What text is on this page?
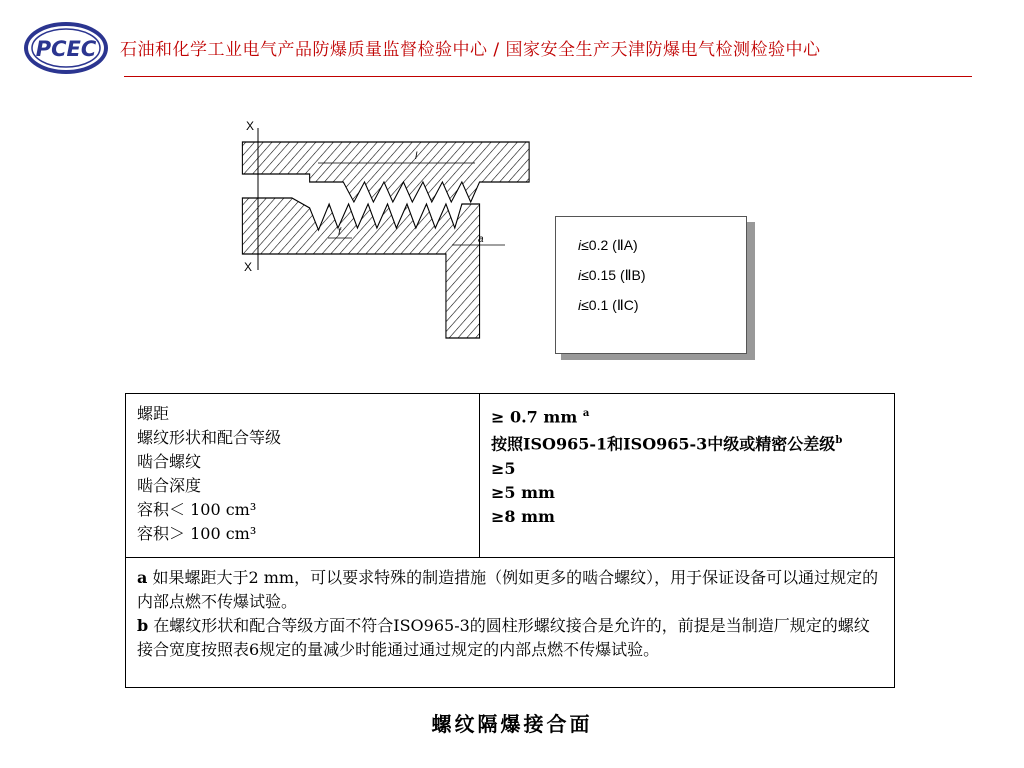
PCEC 石油和化学工业电气产品防爆质量监督检验中心 / 国家安全生产天津防爆电气检测检验中心
X
X
l
f
a	i≤0.2 (ⅡA)
i≤0.15 (ⅡB)
i≤0.1 (ⅡC)
螺距
螺纹形状和配合等级
啮合螺纹
啮合深度
容积＜ 100 cm³
容积＞ 100 cm³
≥ 0.7 mm $^a$
按照ISO965-1和ISO965-3中级或精密公差级$^b$
≥5
≥5 mm
≥8 mm

a 如果螺距大于2 mm，可以要求特殊的制造措施（例如更多的啮合螺纹），用于保证设备可以通过规定的内部点燃不传爆试验。

b 在螺纹形状和配合等级方面不符合ISO965-3的圆柱形螺纹接合是允许的，前提是当制造厂规定的螺纹接合宽度按照表6规定的量减少时能通过通过规定的内部点燃不传爆试验。

螺纹隔爆接合面
